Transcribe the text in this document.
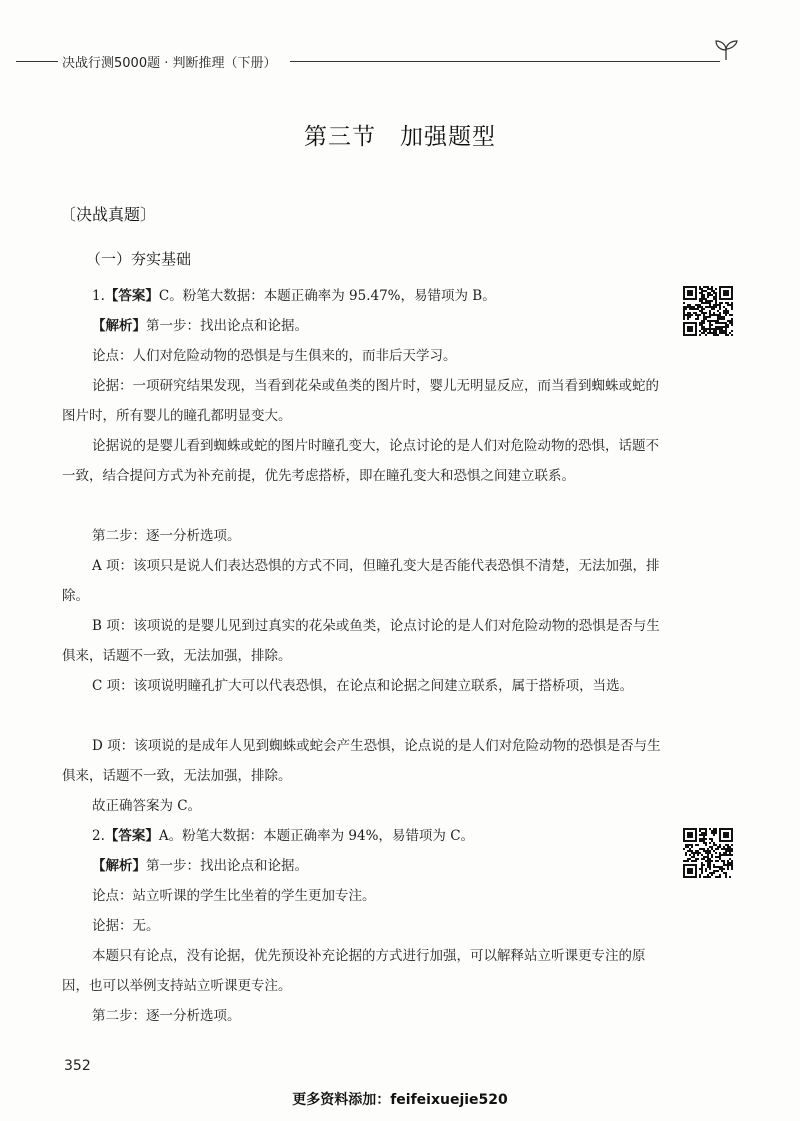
决战行测5000题 · 判断推理（下册）
第三节　加强题型
〔决战真题〕
（一）夯实基础
1.【答案】C。粉笔大数据：本题正确率为 95.47%，易错项为 B。
【解析】第一步：找出论点和论据。
论点：人们对危险动物的恐惧是与生俱来的，而非后天学习。
论据：一项研究结果发现，当看到花朵或鱼类的图片时，婴儿无明显反应，而当看到蜘蛛或蛇的图片时，所有婴儿的瞳孔都明显变大。
论据说的是婴儿看到蜘蛛或蛇的图片时瞳孔变大，论点讨论的是人们对危险动物的恐惧，话题不一致，结合提问方式为补充前提，优先考虑搭桥，即在瞳孔变大和恐惧之间建立联系。
第二步：逐一分析选项。
A 项：该项只是说人们表达恐惧的方式不同，但瞳孔变大是否能代表恐惧不清楚，无法加强，排除。
B 项：该项说的是婴儿见到过真实的花朵或鱼类，论点讨论的是人们对危险动物的恐惧是否与生俱来，话题不一致，无法加强，排除。
C 项：该项说明瞳孔扩大可以代表恐惧，在论点和论据之间建立联系，属于搭桥项，当选。
D 项：该项说的是成年人见到蜘蛛或蛇会产生恐惧，论点说的是人们对危险动物的恐惧是否与生俱来，话题不一致，无法加强，排除。
故正确答案为 C。
2.【答案】A。粉笔大数据：本题正确率为 94%，易错项为 C。
【解析】第一步：找出论点和论据。
论点：站立听课的学生比坐着的学生更加专注。
论据：无。
本题只有论点，没有论据，优先预设补充论据的方式进行加强，可以解释站立听课更专注的原因，也可以举例支持站立听课更专注。
第二步：逐一分析选项。
352
更多资料添加：feifeixuejie520
